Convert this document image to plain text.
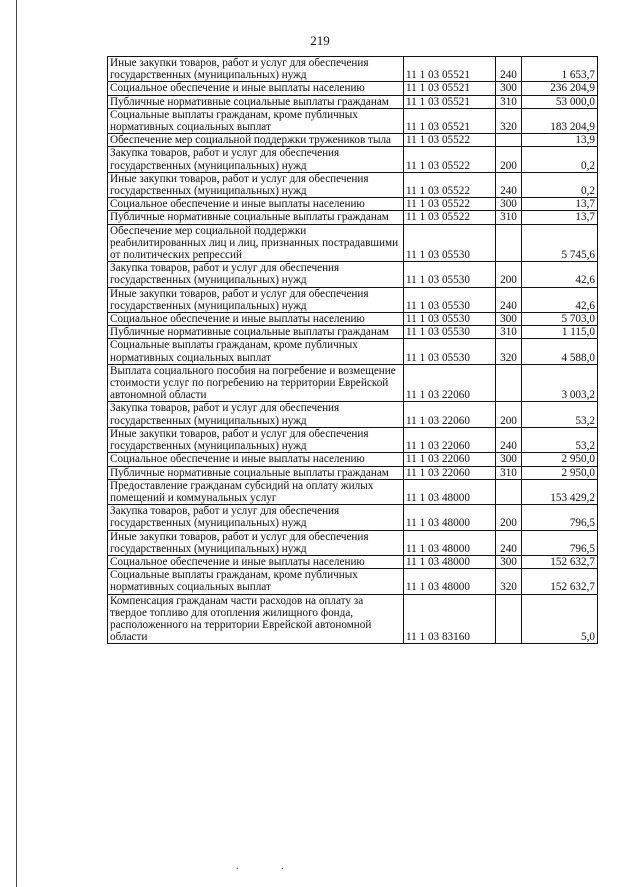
219
Иные закупки товаров, работ и услуг для обеспечения государственных (муниципальных) нужд	11 1 03 05521	240	1 653,7
Социальное обеспечение и иные выплаты населению	11 1 03 05521	300	236 204,9
Публичные нормативные социальные выплаты гражданам	11 1 03 05521	310	53 000,0
Социальные выплаты гражданам, кроме публичных нормативных социальных выплат	11 1 03 05521	320	183 204,9
Обеспечение мер социальной поддержки тружеников тыла	11 1 03 05522		13,9
Закупка товаров, работ и услуг для обеспечения государственных (муниципальных) нужд	11 1 03 05522	200	0,2
Иные закупки товаров, работ и услуг для обеспечения государственных (муниципальных) нужд	11 1 03 05522	240	0,2
Социальное обеспечение и иные выплаты населению	11 1 03 05522	300	13,7
Публичные нормативные социальные выплаты гражданам	11 1 03 05522	310	13,7
Обеспечение мер социальной поддержки реабилитированных лиц и лиц, признанных пострадавшими от политических репрессий	11 1 03 05530		5 745,6
Закупка товаров, работ и услуг для обеспечения государственных (муниципальных) нужд	11 1 03 05530	200	42,6
Иные закупки товаров, работ и услуг для обеспечения государственных (муниципальных) нужд	11 1 03 05530	240	42,6
Социальное обеспечение и иные выплаты населению	11 1 03 05530	300	5 703,0
Публичные нормативные социальные выплаты гражданам	11 1 03 05530	310	1 115,0
Социальные выплаты гражданам, кроме публичных нормативных социальных выплат	11 1 03 05530	320	4 588,0
Выплата социального пособия на погребение и возмещение стоимости услуг по погребению на территории Еврейской автономной области	11 1 03 22060		3 003,2
Закупка товаров, работ и услуг для обеспечения государственных (муниципальных) нужд	11 1 03 22060	200	53,2
Иные закупки товаров, работ и услуг для обеспечения государственных (муниципальных) нужд	11 1 03 22060	240	53,2
Социальное обеспечение и иные выплаты населению	11 1 03 22060	300	2 950,0
Публичные нормативные социальные выплаты гражданам	11 1 03 22060	310	2 950,0
Предоставление гражданам субсидий на оплату жилых помещений и коммунальных услуг	11 1 03 48000		153 429,2
Закупка товаров, работ и услуг для обеспечения государственных (муниципальных) нужд	11 1 03 48000	200	796,5
Иные закупки товаров, работ и услуг для обеспечения государственных (муниципальных) нужд	11 1 03 48000	240	796,5
Социальное обеспечение и иные выплаты населению	11 1 03 48000	300	152 632,7
Социальные выплаты гражданам, кроме публичных нормативных социальных выплат	11 1 03 48000	320	152 632,7
Компенсация гражданам части расходов на оплату за твердое топливо для отопления жилищного фонда, расположенного на территории Еврейской автономной области	11 1 03 83160		5,0
. .
